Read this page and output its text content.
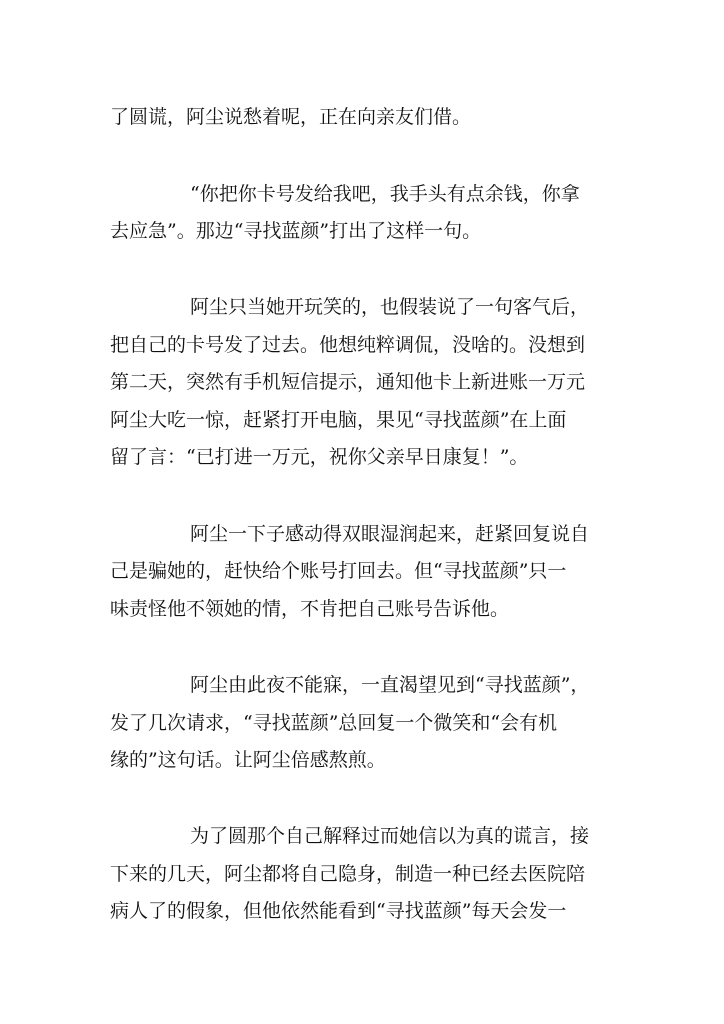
了圆谎，阿尘说愁着呢，正在向亲友们借。

“你把你卡号发给我吧，我手头有点余钱，你拿

去应急”。那边“寻找蓝颜”打出了这样一句。

阿尘只当她开玩笑的，也假装说了一句客气后，

把自己的卡号发了过去。他想纯粹调侃，没啥的。没想到

第二天，突然有手机短信提示，通知他卡上新进账一万元

阿尘大吃一惊，赶紧打开电脑，果见“寻找蓝颜”在上面

留了言：“已打进一万元，祝你父亲早日康复！”。

阿尘一下子感动得双眼湿润起来，赶紧回复说自

己是骗她的，赶快给个账号打回去。但“寻找蓝颜”只一

味责怪他不领她的情，不肯把自己账号告诉他。

阿尘由此夜不能寐，一直渴望见到“寻找蓝颜”，

发了几次请求，“寻找蓝颜”总回复一个微笑和“会有机

缘的”这句话。让阿尘倍感熬煎。

为了圆那个自己解释过而她信以为真的谎言，接

下来的几天，阿尘都将自己隐身，制造一种已经去医院陪

病人了的假象，但他依然能看到“寻找蓝颜”每天会发一
